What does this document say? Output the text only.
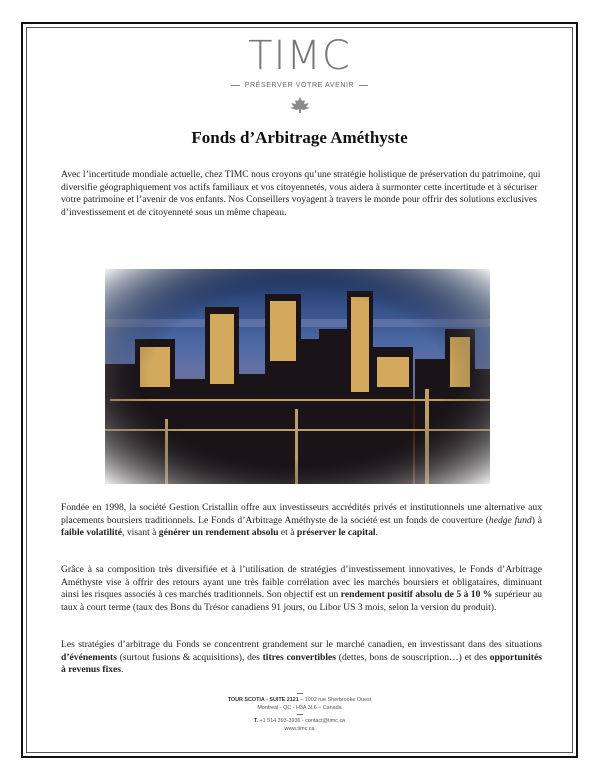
TIMC
PRÉSERVER VOTRE AVENIR
Fonds d’Arbitrage Améthyste

Avec l’incertitude mondiale actuelle, chez TIMC nous croyons qu’une stratégie holistique de préservation du patrimoine, qui diversifie géographiquement vos actifs familiaux et vos citoyennetés, vous aidera à surmonter cette incertitude et à sécuriser votre patrimoine et l’avenir de vos enfants. Nos Conseillers voyagent à travers le monde pour offrir des solutions exclusives d’investissement et de citoyenneté sous un même chapeau.

Fondée en 1998, la société Gestion Cristallin offre aux investisseurs accrédités privés et institutionnels une alternative aux placements boursiers traditionnels. Le Fonds d’Arbitrage Améthyste de la société est un fonds de couverture (hedge fund) à faible volatilité, visant à générer un rendement absolu et à préserver le capital.

Grâce à sa composition très diversifiée et à l’utilisation de stratégies d’investissement innovatives, le Fonds d’Arbitrage Améthyste vise à offrir des retours ayant une très faible corrélation avec les marchés boursiers et obligataires, diminuant ainsi les risques associés à ces marchés traditionnels. Son objectif est un rendement positif absolu de 5 à 10 % supérieur au taux à court terme (taux des Bons du Trésor canadiens 91 jours, ou Libor US 3 mois, selon la version du produit).

Les stratégies d’arbitrage du Fonds se concentrent grandement sur le marché canadien, en investissant dans des situations d’événements (surtout fusions & acquisitions), des titres convertibles (dettes, bons de souscription…) et des opportunités à revenus fixes.

TOUR SCOTIA - SUITE 2121 – 1002 rue Sherbrooke Ouest
Montreal - QC - H3A 3L6 – Canada
T. +1 514 393-3936 - contact@timc.ca
www.timc.ca
